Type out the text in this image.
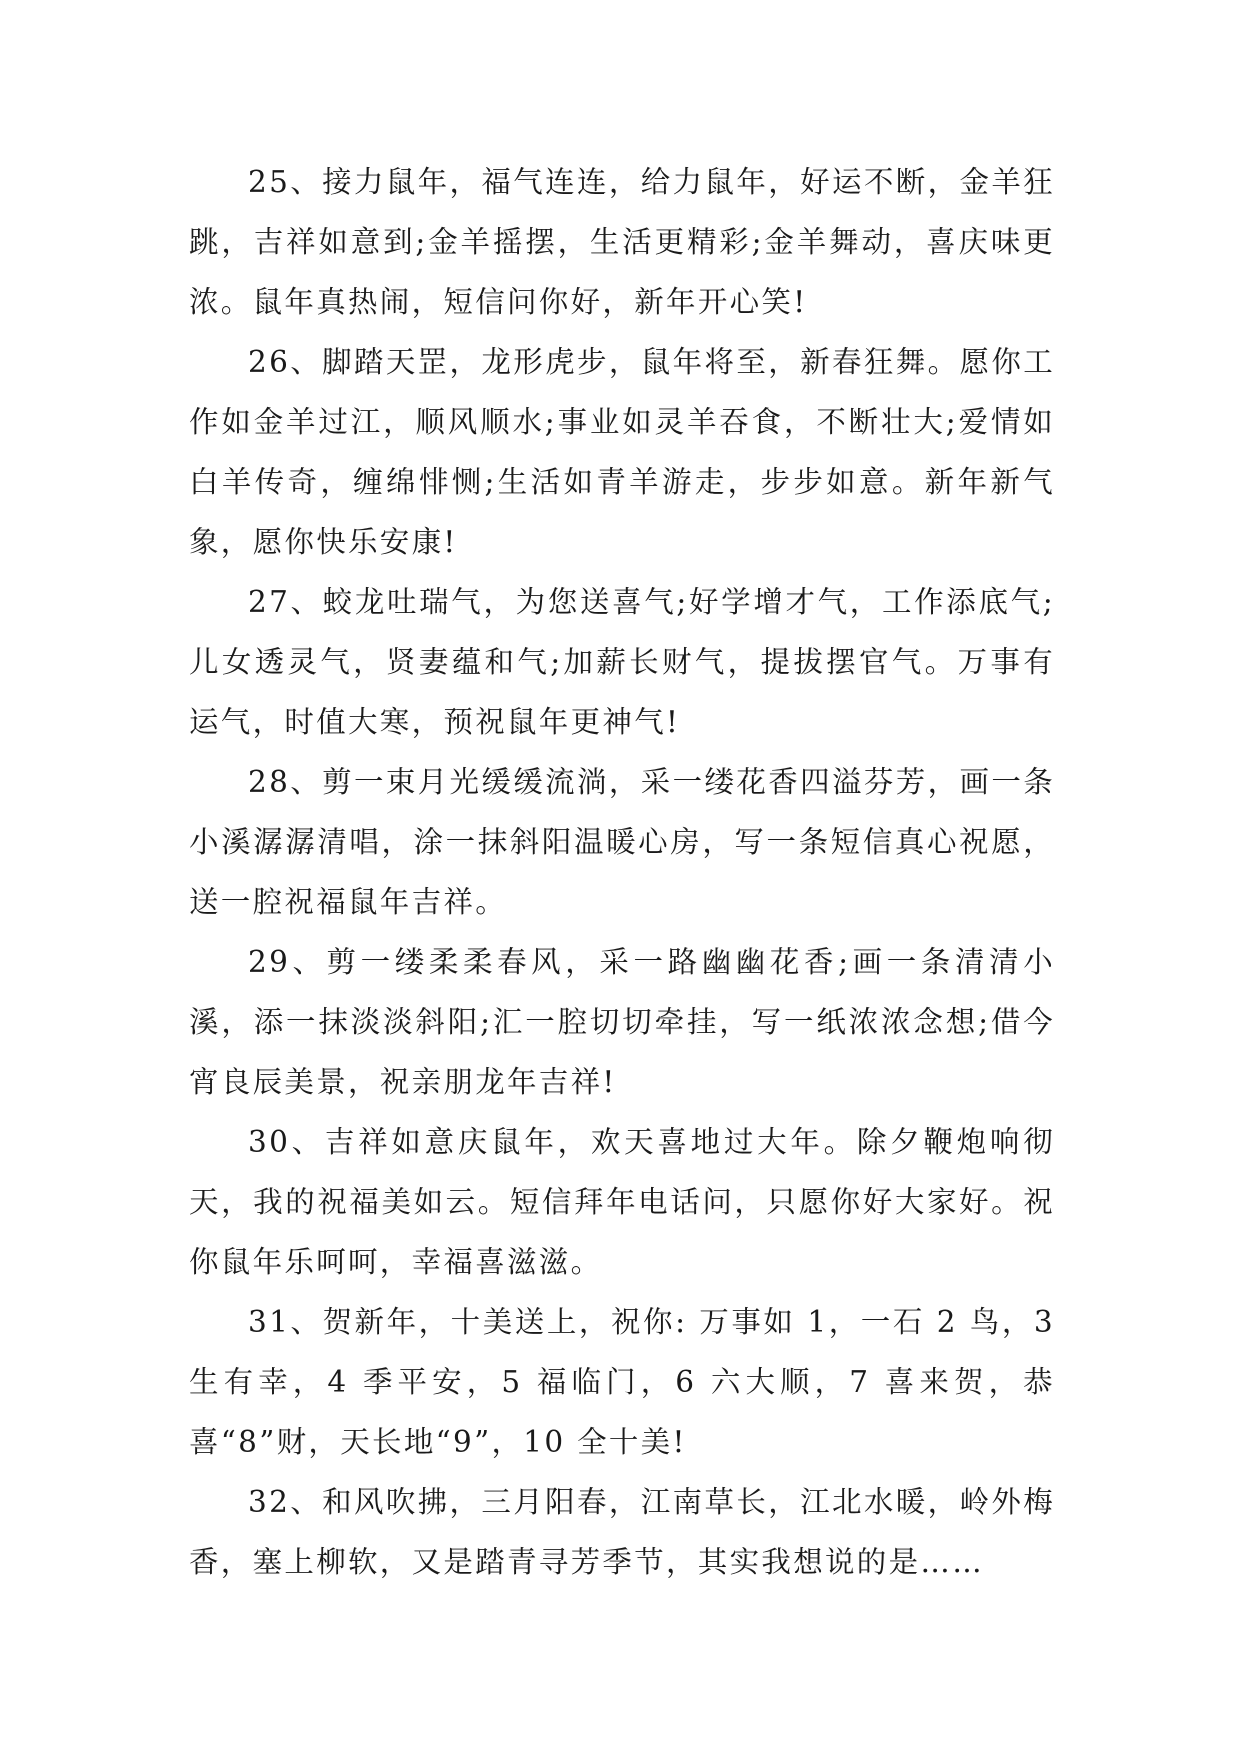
25、接力鼠年，福气连连，给力鼠年，好运不断，金羊狂跳，吉祥如意到;金羊摇摆，生活更精彩;金羊舞动，喜庆味更浓。鼠年真热闹，短信问你好，新年开心笑!

26、脚踏天罡，龙形虎步，鼠年将至，新春狂舞。愿你工作如金羊过江，顺风顺水;事业如灵羊吞食，不断壮大;爱情如白羊传奇，缠绵悱恻;生活如青羊游走，步步如意。新年新气象，愿你快乐安康!

27、蛟龙吐瑞气，为您送喜气;好学增才气，工作添底气;儿女透灵气，贤妻蕴和气;加薪长财气，提拔摆官气。万事有运气，时值大寒，预祝鼠年更神气!

28、剪一束月光缓缓流淌，采一缕花香四溢芬芳，画一条小溪潺潺清唱，涂一抹斜阳温暖心房，写一条短信真心祝愿，送一腔祝福鼠年吉祥。

29、剪一缕柔柔春风，采一路幽幽花香;画一条清清小溪，添一抹淡淡斜阳;汇一腔切切牵挂，写一纸浓浓念想;借今宵良辰美景，祝亲朋龙年吉祥!

30、吉祥如意庆鼠年，欢天喜地过大年。除夕鞭炮响彻天，我的祝福美如云。短信拜年电话问，只愿你好大家好。祝你鼠年乐呵呵，幸福喜滋滋。

31、贺新年，十美送上，祝你: 万事如 1，一石 2 鸟，3 生有幸，4 季平安，5 福临门，6 六大顺，7 喜来贺，恭喜“8”财，天长地“9”，10 全十美!

32、和风吹拂，三月阳春，江南草长，江北水暖，岭外梅香，塞上柳软，又是踏青寻芳季节，其实我想说的是……
